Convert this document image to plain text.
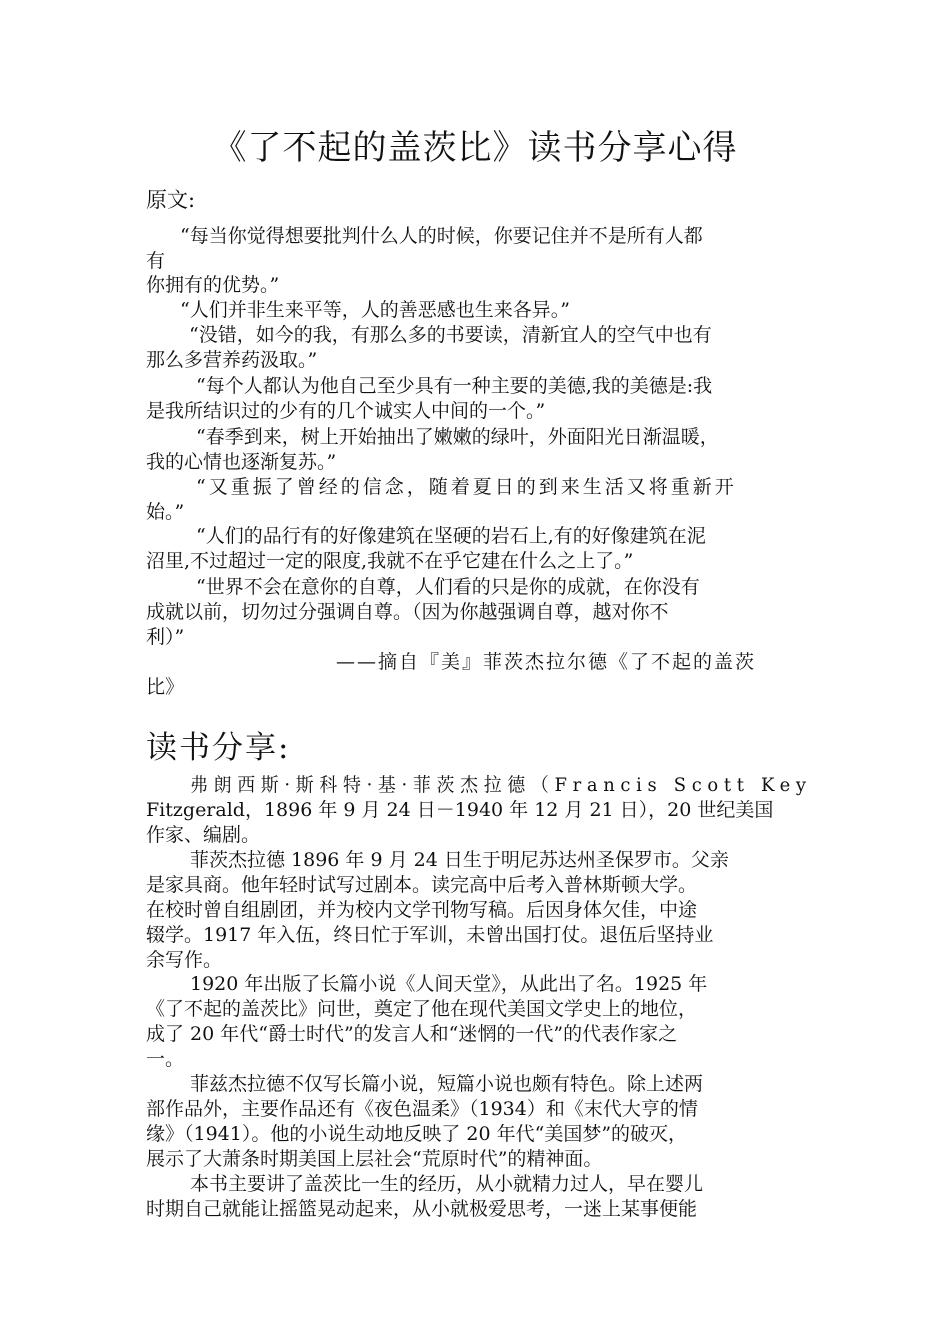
《了不起的盖茨比》读书分享心得
原文:
“每当你觉得想要批判什么人的时候，你要记住并不是所有人都
有
你拥有的优势。”
“人们并非生来平等，人的善恶感也生来各异。”
“没错，如今的我，有那么多的书要读，清新宜人的空气中也有
那么多营养药汲取。”
“每个人都认为他自己至少具有一种主要的美德,我的美德是:我
是我所结识过的少有的几个诚实人中间的一个。”
“春季到来，树上开始抽出了嫩嫩的绿叶，外面阳光日渐温暖，
我的心情也逐渐复苏。”
“又重振了曾经的信念，随着夏日的到来生活又将重新开
始。”
“人们的品行有的好像建筑在坚硬的岩石上,有的好像建筑在泥
沼里,不过超过一定的限度,我就不在乎它建在什么之上了。”
“世界不会在意你的自尊，人们看的只是你的成就，在你没有
成就以前，切勿过分强调自尊。（因为你越强调自尊，越对你不
利）”
——摘自『美』菲茨杰拉尔德《了不起的盖茨
比》
读书分享:
弗朗西斯·斯科特·基·菲茨杰拉德（Francis Scott Key
Fitzgerald，1896 年 9 月 24 日－1940 年 12 月 21 日），20 世纪美国
作家、编剧。
菲茨杰拉德 1896 年 9 月 24 日生于明尼苏达州圣保罗市。父亲
是家具商。他年轻时试写过剧本。读完高中后考入普林斯顿大学。
在校时曾自组剧团，并为校内文学刊物写稿。后因身体欠佳，中途
辍学。1917 年入伍，终日忙于军训，未曾出国打仗。退伍后坚持业
余写作。
1920 年出版了长篇小说《人间天堂》，从此出了名。1925 年
《了不起的盖茨比》问世，奠定了他在现代美国文学史上的地位，
成了 20 年代“爵士时代”的发言人和“迷惘的一代”的代表作家之
一。
菲兹杰拉德不仅写长篇小说，短篇小说也颇有特色。除上述两
部作品外，主要作品还有《夜色温柔》（1934）和《末代大亨的情
缘》（1941）。他的小说生动地反映了 20 年代“美国梦”的破灭，
展示了大萧条时期美国上层社会“荒原时代”的精神面。
本书主要讲了盖茨比一生的经历，从小就精力过人，早在婴儿
时期自己就能让摇篮晃动起来，从小就极爱思考，一迷上某事便能
